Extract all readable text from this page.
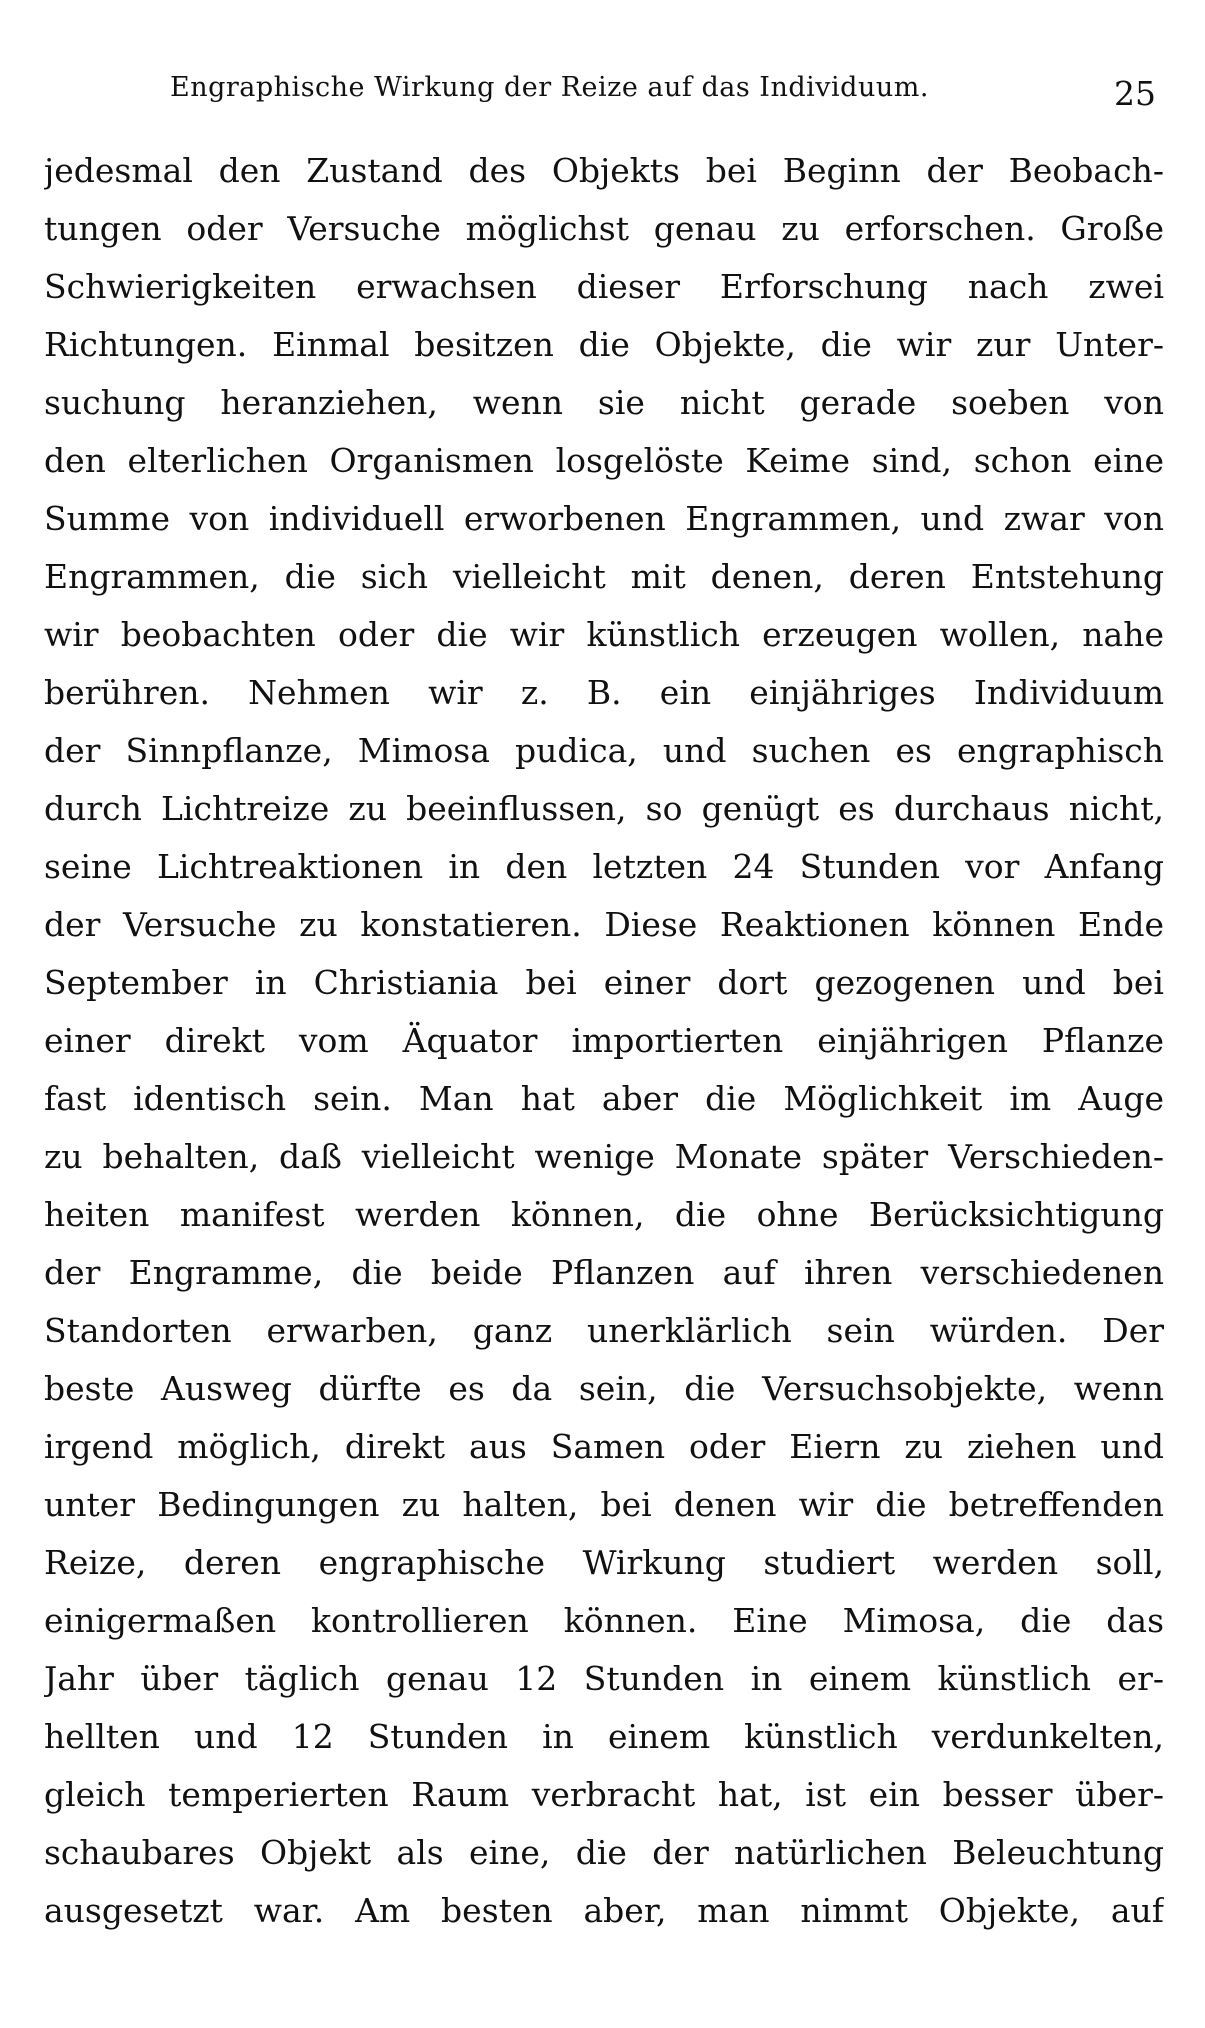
Engraphische Wirkung der Reize auf das Individuum.	25
jedesmal den Zustand des Objekts bei Beginn der Beobach-
tungen oder Versuche möglichst genau zu erforschen. Große
Schwierigkeiten erwachsen dieser Erforschung nach zwei
Richtungen. Einmal besitzen die Objekte, die wir zur Unter-
suchung heranziehen, wenn sie nicht gerade soeben von
den elterlichen Organismen losgelöste Keime sind, schon eine
Summe von individuell erworbenen Engrammen, und zwar von
Engrammen, die sich vielleicht mit denen, deren Entstehung
wir beobachten oder die wir künstlich erzeugen wollen, nahe
berühren. Nehmen wir z. B. ein einjähriges Individuum
der Sinnpflanze, Mimosa pudica, und suchen es engraphisch
durch Lichtreize zu beeinflussen, so genügt es durchaus nicht,
seine Lichtreaktionen in den letzten 24 Stunden vor Anfang
der Versuche zu konstatieren. Diese Reaktionen können Ende
September in Christiania bei einer dort gezogenen und bei
einer direkt vom Äquator importierten einjährigen Pflanze
fast identisch sein. Man hat aber die Möglichkeit im Auge
zu behalten, daß vielleicht wenige Monate später Verschieden-
heiten manifest werden können, die ohne Berücksichtigung
der Engramme, die beide Pflanzen auf ihren verschiedenen
Standorten erwarben, ganz unerklärlich sein würden. Der
beste Ausweg dürfte es da sein, die Versuchsobjekte, wenn
irgend möglich, direkt aus Samen oder Eiern zu ziehen und
unter Bedingungen zu halten, bei denen wir die betreffenden
Reize, deren engraphische Wirkung studiert werden soll,
einigermaßen kontrollieren können. Eine Mimosa, die das
Jahr über täglich genau 12 Stunden in einem künstlich er-
hellten und 12 Stunden in einem künstlich verdunkelten,
gleich temperierten Raum verbracht hat, ist ein besser über-
schaubares Objekt als eine, die der natürlichen Beleuchtung
ausgesetzt war. Am besten aber, man nimmt Objekte, auf
